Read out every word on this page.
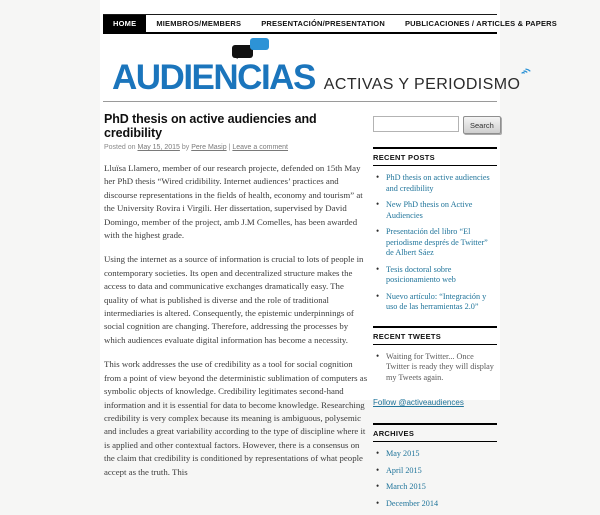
HOME	MIEMBROS/MEMBERS	PRESENTACIÓN/PRESENTATION	PUBLICACIONES / ARTICLES & PAPERS
AUDIENCIAS ACTIVAS Y PERIODISMO
PhD thesis on active audiencies and credibility
Posted on May 15, 2015 by Pere Masip | Leave a comment

Lluïsa Llamero, member of our research projecte, defended on 15th May her PhD thesis “Wired cridibility. Internet audiences’ practices and discourse representations in the fields of health, economy and tourism” at the University Rovira i Virgili. Her dissertation, supervised by David Domingo, member of the project, amb J.M Comelles, has been awarded with the highest grade.

Using the internet as a source of information is crucial to lots of people in contemporary societies. Its open and decentralized structure makes the access to data and communicative exchanges dramatically easy. The quality of what is published is diverse and the role of traditional intermediaries is altered. Consequently, the epistemic underpinnings of social cognition are changing. Therefore, addressing the processes by which audiences evaluate digital information has become a necessity.

This work addresses the use of credibility as a tool for social cognition from a point of view beyond the deterministic sublimation of computers as symbolic objects of knowledge. Credibility legitimates second-hand information and it is essential for data to become knowledge. Researching credibility is very complex because its meaning is ambiguous, polysemic and includes a great variability according to the type of discipline where it is applied and other contextual factors. However, there is a consensus on the claim that credibility is conditioned by representations of what people accept as the truth. This

Search
RECENT POSTS
• PhD thesis on active audiencies and credibility
• New PhD thesis on Active Audiencies
• Presentación del libro “El periodisme després de Twitter” de Albert Sáez
• Tesis doctoral sobre posicionamiento web
• Nuevo artículo: “Integración y uso de las herramientas 2.0”
RECENT TWEETS
• Waiting for Twitter... Once Twitter is ready they will display my Tweets again.
Follow @activeaudiences
ARCHIVES
• May 2015
• April 2015
• March 2015
• December 2014
